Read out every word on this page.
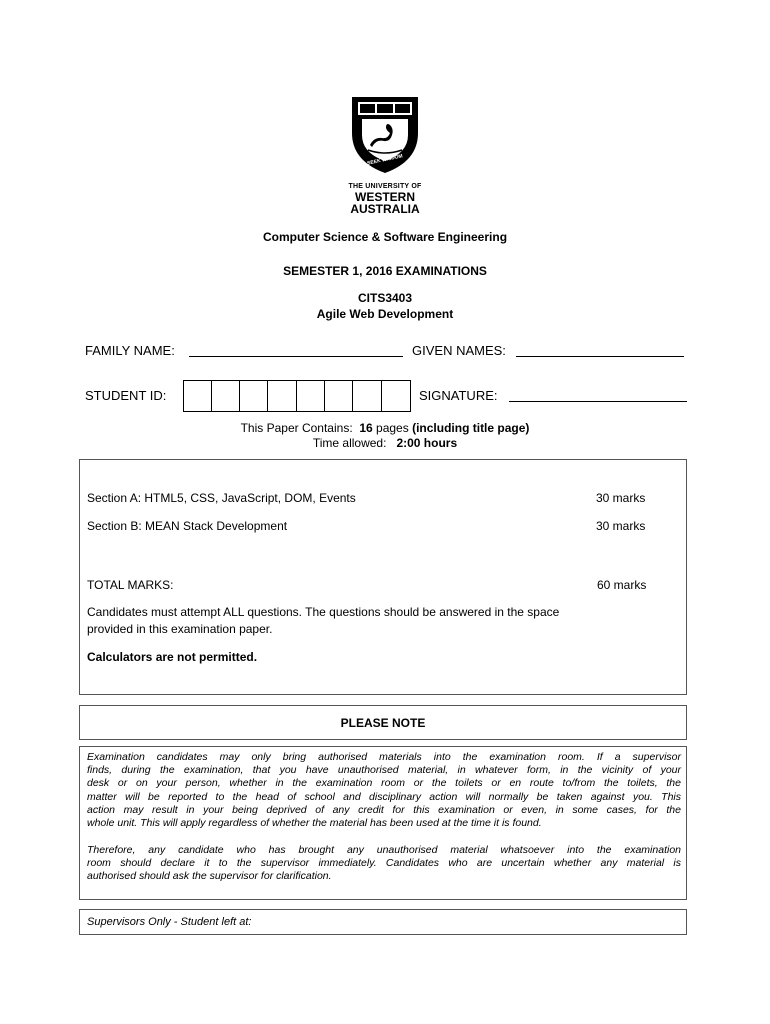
SEEK WISDOM
THE UNIVERSITY OF
WESTERN
AUSTRALIA
Computer Science & Software Engineering
SEMESTER 1, 2016 EXAMINATIONS
CITS3403
Agile Web Development
FAMILY NAME:	GIVEN NAMES:
STUDENT ID:	SIGNATURE:
This Paper Contains: 16 pages (including title page)
Time allowed: 2:00 hours
Section A: HTML5, CSS, JavaScript, DOM, Events	30 marks
Section B: MEAN Stack Development	30 marks
TOTAL MARKS:	60 marks
Candidates must attempt ALL questions. The questions should be answered in the space
provided in this examination paper.
Calculators are not permitted.
PLEASE NOTE
Examination candidates may only bring authorised materials into the examination room. If a supervisor
finds, during the examination, that you have unauthorised material, in whatever form, in the vicinity of your
desk or on your person, whether in the examination room or the toilets or en route to/from the toilets, the
matter will be reported to the head of school and disciplinary action will normally be taken against you. This
action may result in your being deprived of any credit for this examination or even, in some cases, for the
whole unit. This will apply regardless of whether the material has been used at the time it is found.
Therefore, any candidate who has brought any unauthorised material whatsoever into the examination
room should declare it to the supervisor immediately. Candidates who are uncertain whether any material is
authorised should ask the supervisor for clarification.
Supervisors Only - Student left at:
